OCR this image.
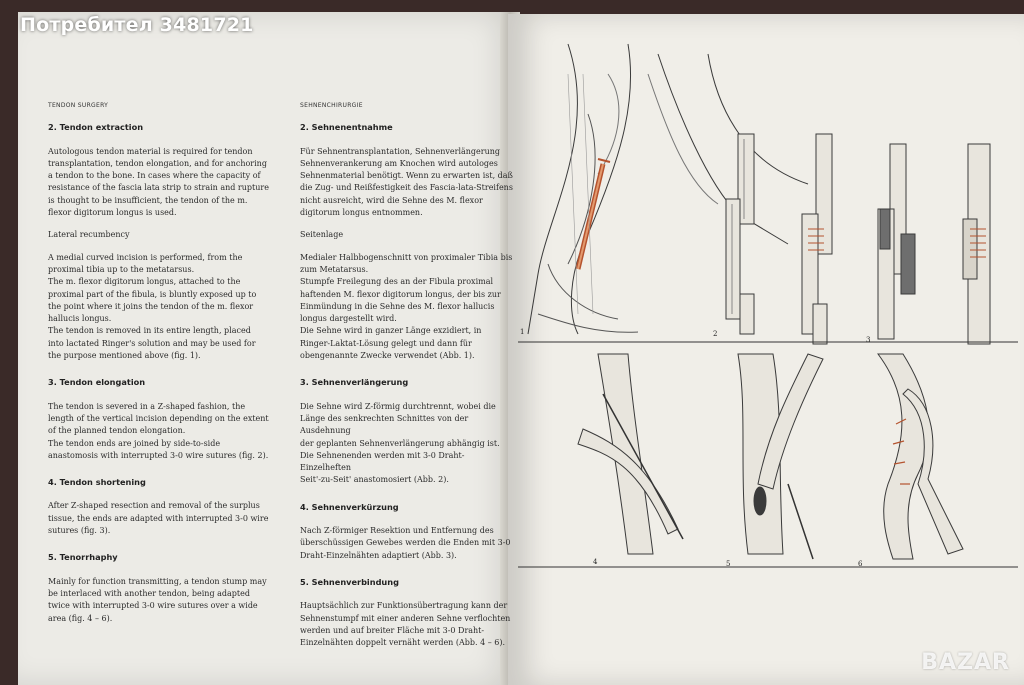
1	2
3
4	5	6
Потребител 3481721
TENDON SURGERY
2. Tendon extraction
Autologous tendon material is required for tendon
transplantation, tendon elongation, and for anchoring
a tendon to the bone. In cases where the capacity of
resistance of the fascia lata strip to strain and rupture
is thought to be insufficient, the tendon of the m.
flexor digitorum longus is used.
Lateral recumbency
A medial curved incision is performed, from the
proximal tibia up to the metatarsus.
The m. flexor digitorum longus, attached to the
proximal part of the fibula, is bluntly exposed up to
the point where it joins the tendon of the m. flexor
hallucis longus.
The tendon is removed in its entire length, placed
into lactated Ringer's solution and may be used for
the purpose mentioned above (fig. 1).
3. Tendon elongation
The tendon is severed in a Z-shaped fashion, the
length of the vertical incision depending on the extent
of the planned tendon elongation.
The tendon ends are joined by side-to-side
anastomosis with interrupted 3-0 wire sutures (fig. 2).
4. Tendon shortening
After Z-shaped resection and removal of the surplus
tissue, the ends are adapted with interrupted 3-0 wire
sutures (fig. 3).
5. Tenorrhaphy
Mainly for function transmitting, a tendon stump may
be interlaced with another tendon, being adapted
twice with interrupted 3-0 wire sutures over a wide
area (fig. 4 – 6).
SEHNENCHIRURGIE
2. Sehnenentnahme
Für Sehnentransplantation, Sehnenverlängerung
Sehnenverankerung am Knochen wird autologes
Sehnenmaterial benötigt. Wenn zu erwarten ist, daß
die Zug- und Reißfestigkeit des Fascia-lata-Streifens
nicht ausreicht, wird die Sehne des M. flexor
digitorum longus entnommen.
Seitenlage
Medialer Halbbogenschnitt von proximaler Tibia bis
zum Metatarsus.
Stumpfe Freilegung des an der Fibula proximal
haftenden M. flexor digitorum longus, der bis zur
Einmündung in die Sehne des M. flexor hallucis
longus dargestellt wird.
Die Sehne wird in ganzer Länge exzidiert, in
Ringer-Laktat-Lösung gelegt und dann für
obengenannte Zwecke verwendet (Abb. 1).
3. Sehnenverlängerung
Die Sehne wird Z-förmig durchtrennt, wobei die
Länge des senkrechten Schnittes von der Ausdehnung
der geplanten Sehnenverlängerung abhängig ist.
Die Sehnenenden werden mit 3-0 Draht-Einzelheften
Seit'-zu-Seit' anastomosiert (Abb. 2).
4. Sehnenverkürzung
Nach Z-förmiger Resektion und Entfernung des
überschüssigen Gewebes werden die Enden mit 3-0
Draht-Einzelnähten adaptiert (Abb. 3).
5. Sehnenverbindung
Hauptsächlich zur Funktionsübertragung kann der
Sehnenstumpf mit einer anderen Sehne verflochten
werden und auf breiter Fläche mit 3-0 Draht-
Einzelnähten doppelt vernäht werden (Abb. 4 – 6).
BAZAR
